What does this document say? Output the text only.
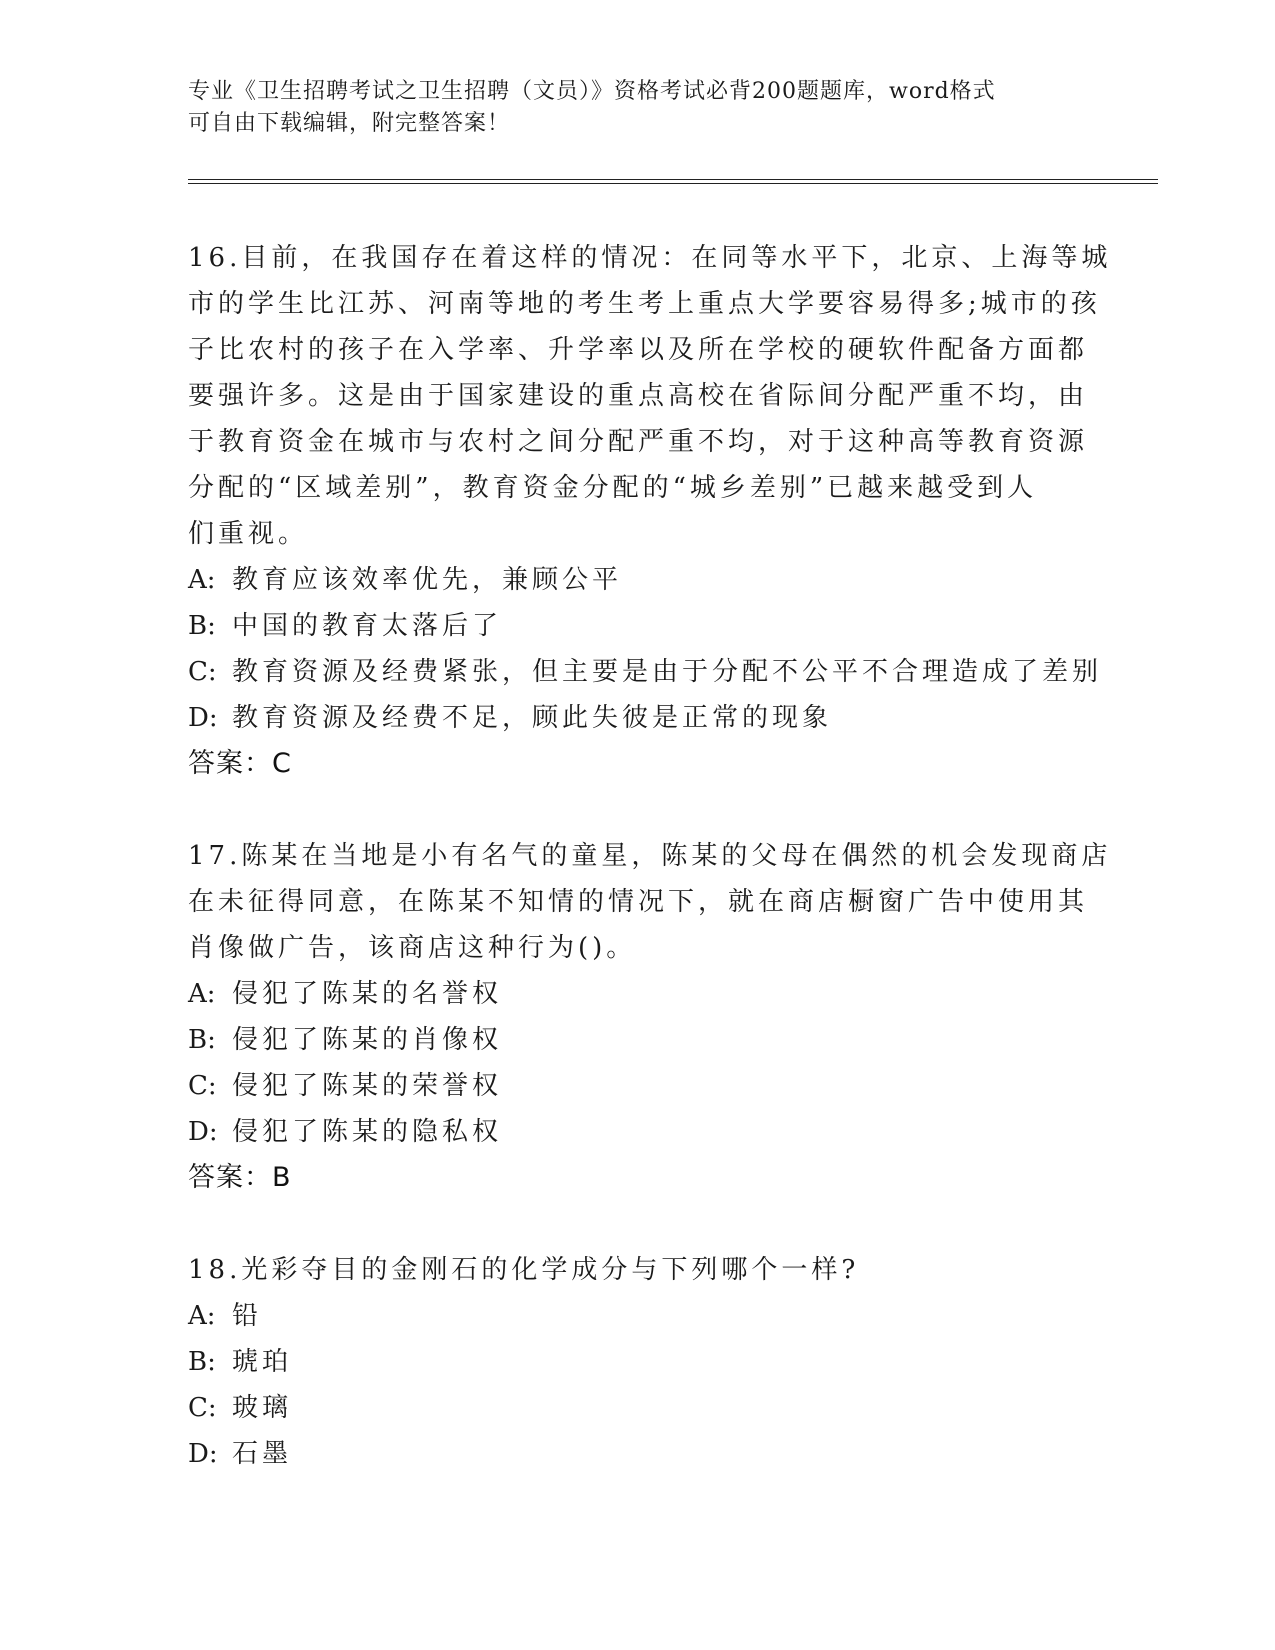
专业《卫生招聘考试之卫生招聘（文员）》资格考试必背200题题库，word格式
可自由下载编辑，附完整答案！
16.目前，在我国存在着这样的情况：在同等水平下，北京、上海等城
市的学生比江苏、河南等地的考生考上重点大学要容易得多;城市的孩
子比农村的孩子在入学率、升学率以及所在学校的硬软件配备方面都
要强许多。这是由于国家建设的重点高校在省际间分配严重不均，由
于教育资金在城市与农村之间分配严重不均，对于这种高等教育资源
分配的“区域差别”，教育资金分配的“城乡差别”已越来越受到人
们重视。
A: 教育应该效率优先，兼顾公平
B: 中国的教育太落后了
C: 教育资源及经费紧张，但主要是由于分配不公平不合理造成了差别
D: 教育资源及经费不足，顾此失彼是正常的现象
答案：C
17.陈某在当地是小有名气的童星，陈某的父母在偶然的机会发现商店
在未征得同意，在陈某不知情的情况下，就在商店橱窗广告中使用其
肖像做广告，该商店这种行为()。
A: 侵犯了陈某的名誉权
B: 侵犯了陈某的肖像权
C: 侵犯了陈某的荣誉权
D: 侵犯了陈某的隐私权
答案：B
18.光彩夺目的金刚石的化学成分与下列哪个一样?
A: 铅
B: 琥珀
C: 玻璃
D: 石墨
